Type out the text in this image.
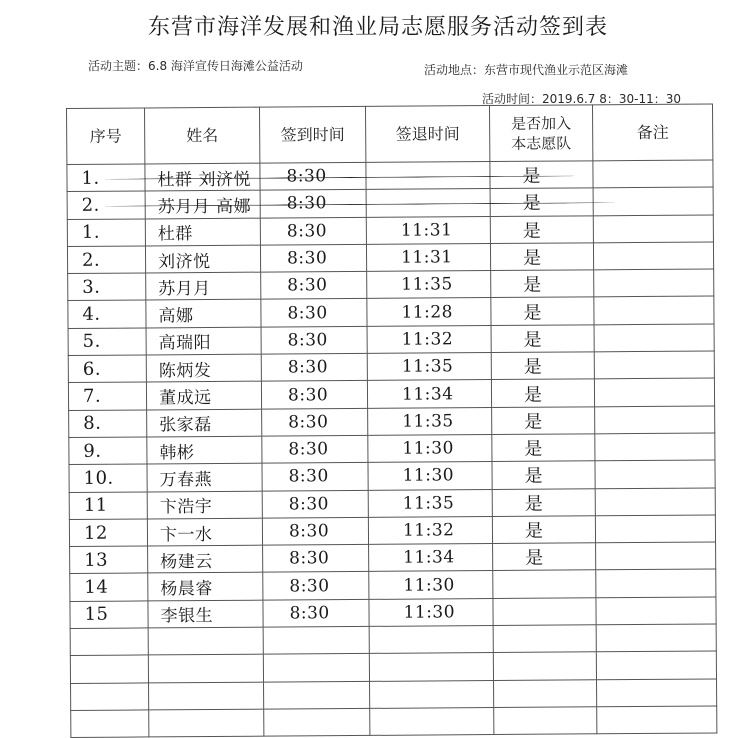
东营市海洋发展和渔业局志愿服务活动签到表
活动主题：6.8 海洋宣传日海滩公益活动	活动地点：东营市现代渔业示范区海滩
活动时间：2019.6.7 8：30-11：30
序号	姓名	签到时间	签退时间	是否加入
本志愿队	备注

1.	杜群 刘济悦	8:30		是	

2.	苏月月 高娜	8:30		是	

1.	杜群	8:30	11:31	是	

2.	刘济悦	8:30	11:31	是	

3.	苏月月	8:30	11:35	是	

4.	高娜	8:30	11:28	是	

5.	高瑞阳	8:30	11:32	是	

6.	陈炳发	8:30	11:35	是	

7.	董成远	8:30	11:34	是	

8.	张家磊	8:30	11:35	是	

9.	韩彬	8:30	11:30	是	

10.	万春燕	8:30	11:30	是	

11	卞浩宇	8:30	11:35	是	

12	卞一水	8:30	11:32	是	

13	杨建云	8:30	11:34	是	

14	杨晨睿	8:30	11:30		

15	李银生	8:30	11:30		
